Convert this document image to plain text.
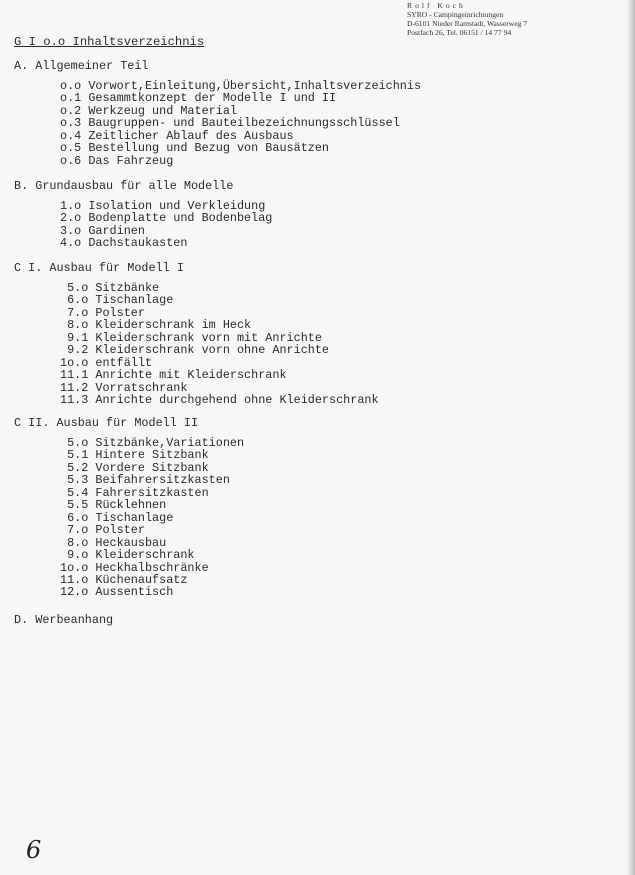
Rolf Koch
SYRO - Campingeinrichtungen
D-6101 Nieder Ramstadt, Wasserweg 7
Postfach 26, Tel. 06151 / 14 77 94
G I o.o Inhaltsverzeichnis
A. Allgemeiner Teil
o.o Vorwort,Einleitung,Übersicht,Inhaltsverzeichnis
o.1 Gesammtkonzept der Modelle I und II
o.2 Werkzeug und Material
o.3 Baugruppen- und Bauteilbezeichnungsschlüssel
o.4 Zeitlicher Ablauf des Ausbaus
o.5 Bestellung und Bezug von Bausätzen
o.6 Das Fahrzeug
B. Grundausbau für alle Modelle
1.o Isolation und Verkleidung
2.o Bodenplatte und Bodenbelag
3.o Gardinen
4.o Dachstaukasten
C I. Ausbau für Modell I
5.o Sitzbänke
6.o Tischanlage
7.o Polster
8.o Kleiderschrank im Heck
9.1 Kleiderschrank vorn mit Anrichte
9.2 Kleiderschrank vorn ohne Anrichte
1o.o entfällt
11.1 Anrichte mit Kleiderschrank
11.2 Vorratschrank
11.3 Anrichte durchgehend ohne Kleiderschrank
C II. Ausbau für Modell II
5.o Sitzbänke,Variationen
5.1 Hintere Sitzbank
5.2 Vordere Sitzbank
5.3 Beifahrersitzkasten
5.4 Fahrersitzkasten
5.5 Rücklehnen
6.o Tischanlage
7.o Polster
8.o Heckausbau
9.o Kleiderschrank
1o.o Heckhalbschränke
11.o Küchenaufsatz
12.o Aussentisch
D. Werbeanhang
6
